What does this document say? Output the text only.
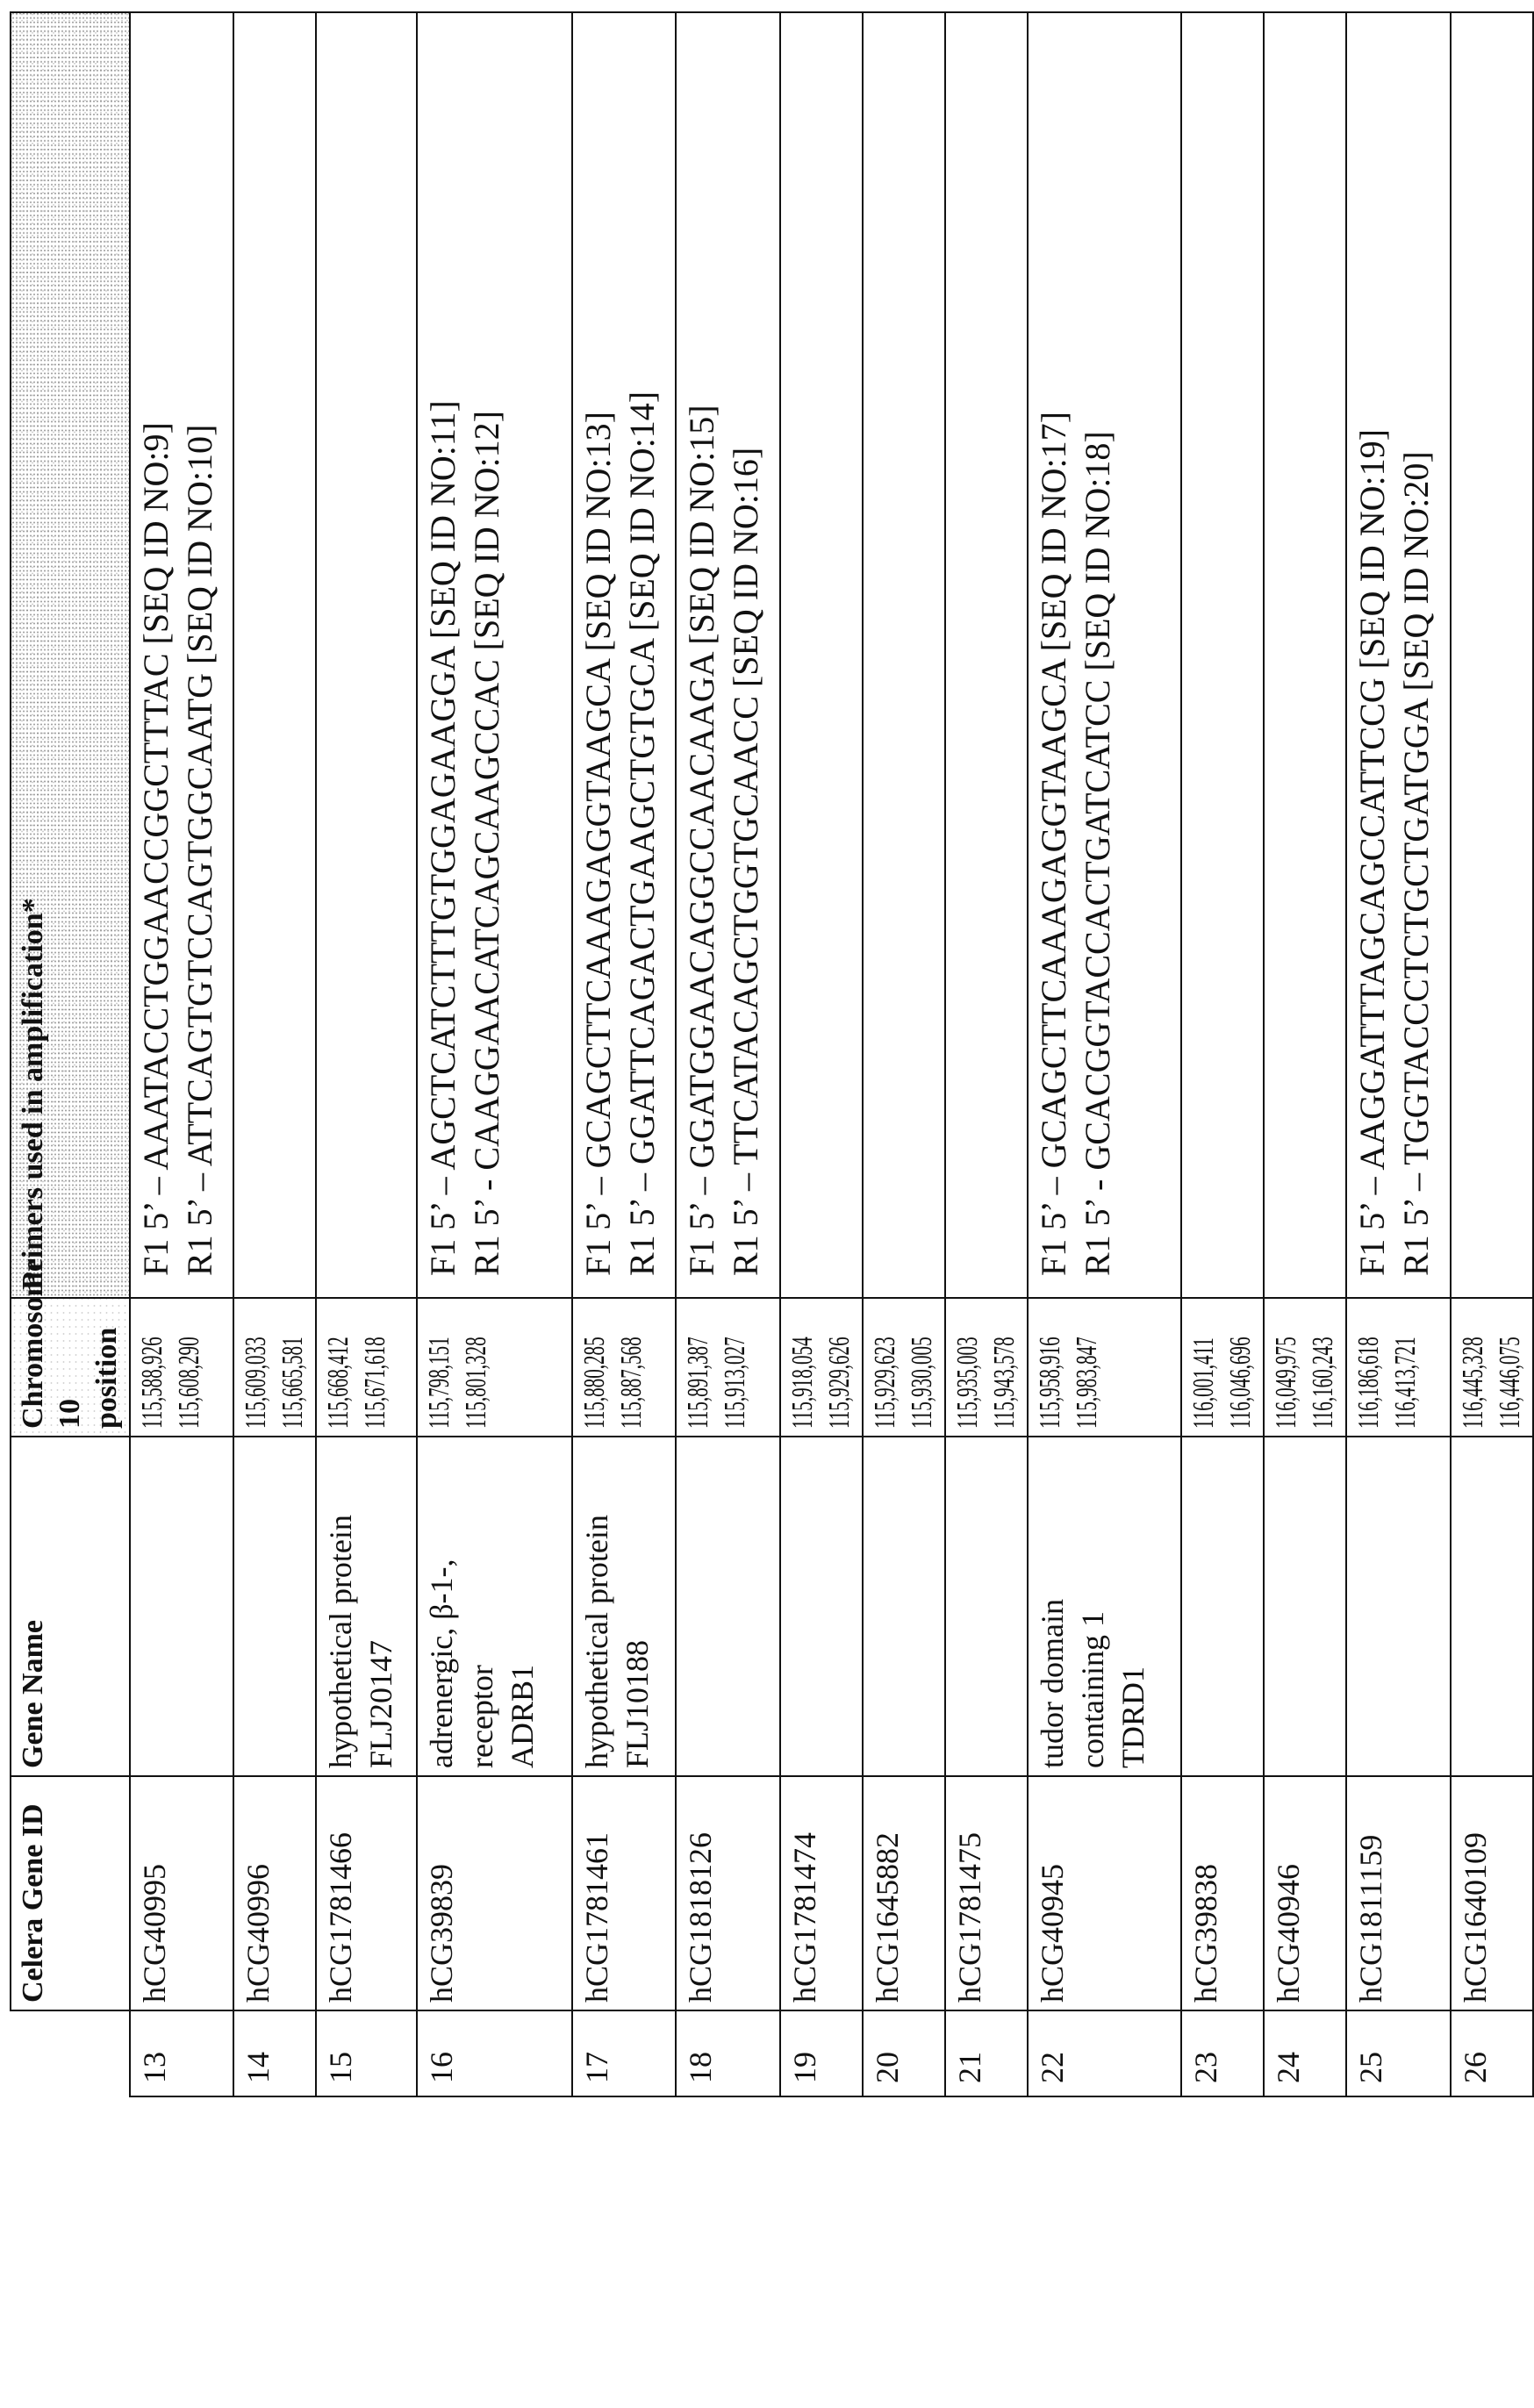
	Celera Gene ID	Gene Name	
Chromosome 10 position
	Primers used in amplification*
13	hCG40995		
115,588,926 115,608,290

F1 5’ – AAATACCTGGAACCGGCTTTAC [SEQ ID NO:9] R1 5’ – ATTCAGTGTCCAGTGGCAATG [SEQ ID NO:10]

14	hCG40996		
115,609,033 115,665,581

15	hCG1781466	hypothetical protein
FLJ20147	
115,668,412 115,671,618

16	hCG39839	adrenergic, β-1-,
receptor
ADRB1	
115,798,151 115,801,328

F1 5’ – AGCTCATCTTTGTGGAGAAGGA [SEQ ID NO:11] R1 5’ - CAAGGAACATCAGCAAGCCAC [SEQ ID NO:12]

17	hCG1781461	hypothetical protein
FLJ10188	
115,880,285 115,887,568

F1 5’ – GCAGCTTCAAAGAGGTAAGCA [SEQ ID NO:13] R1 5’ – GGATTCAGACTGAAGCTGTGCA [SEQ ID NO:14]

18	hCG1818126		
115,891,387 115,913,027

F1 5’ – GGATGGAACAGGCCAACAAGA [SEQ ID NO:15] R1 5’ – TTCATACAGCTGGTGCAACC [SEQ ID NO:16]

19	hCG1781474		
115,918,054 115,929,626

20	hCG1645882		
115,929,623 115,930,005

21	hCG1781475		
115,935,003 115,943,578

22	hCG40945	tudor domain
containing 1
TDRD1	
115,958,916 115,983,847

F1 5’ – GCAGCTTCAAAGAGGTAAGCA [SEQ ID NO:17] R1 5’ - GCACGGTACCACTGATCATCC [SEQ ID NO:18]

23	hCG39838		
116,001,411 116,046,696

24	hCG40946		
116,049,975 116,160,243

25	hCG1811159		
116,186,618 116,413,721

F1 5’ – AAGGATTTAGCAGCCATTCCG [SEQ ID NO:19] R1 5’ – TGGTACCCTCTGCTGATGGA [SEQ ID NO:20]

26	hCG1640109		
116,445,328 116,446,075
